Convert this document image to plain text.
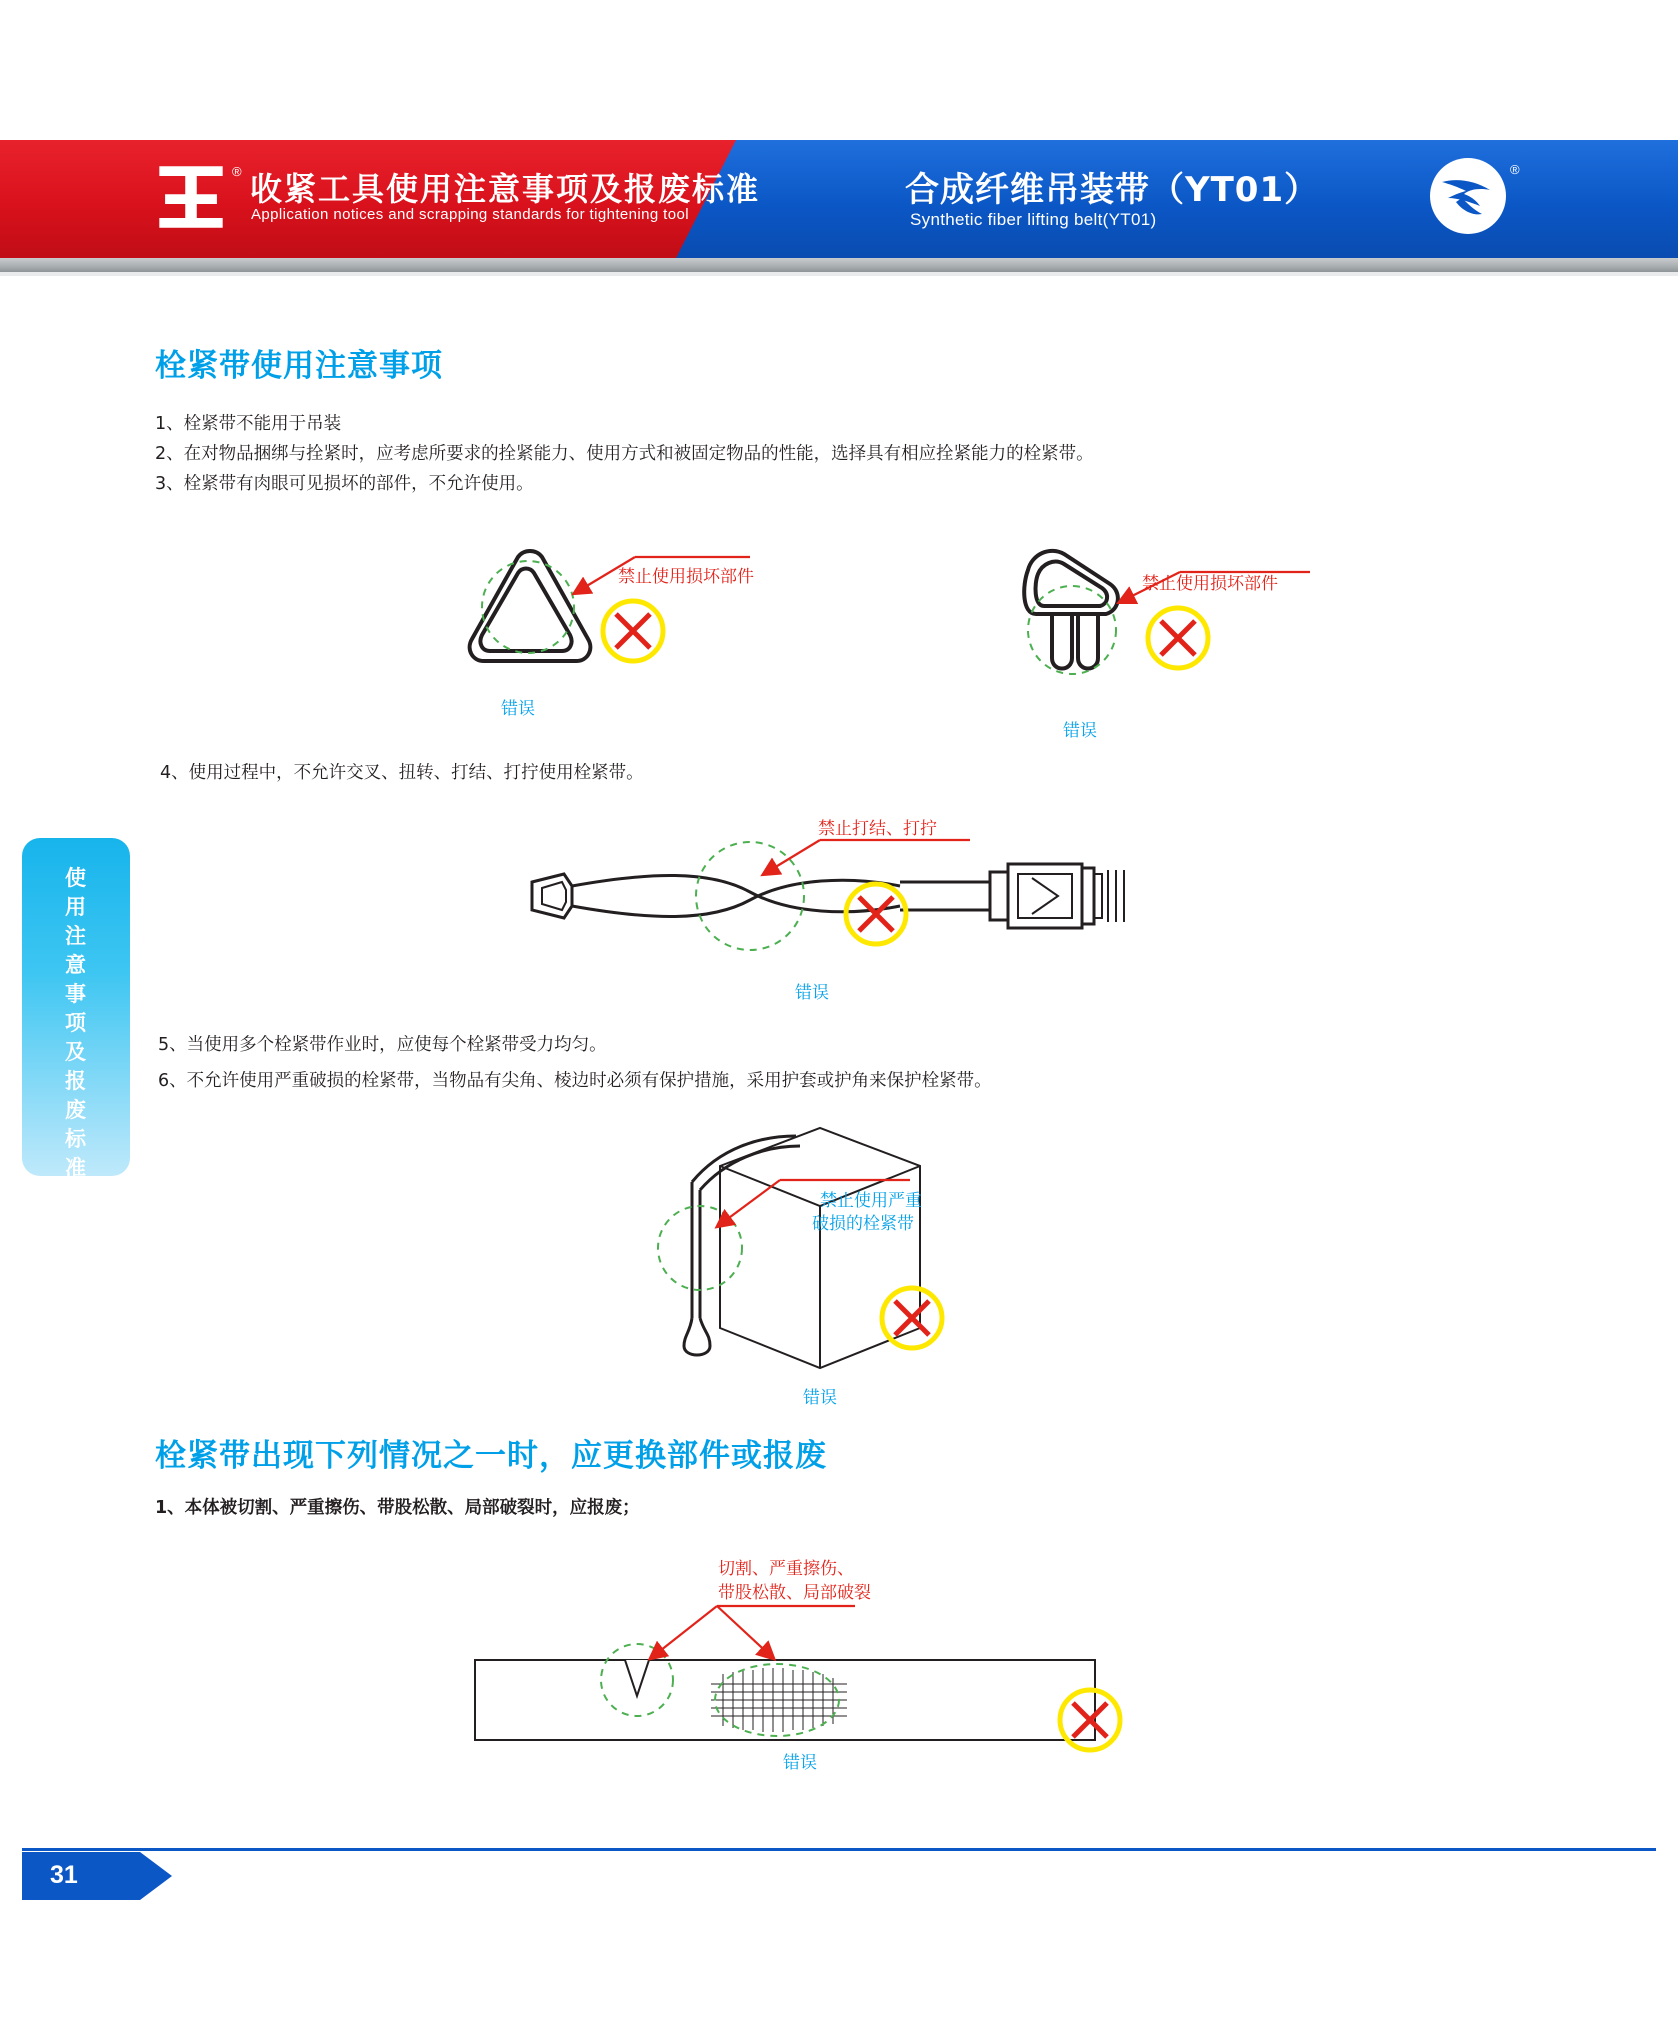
® 收紧工具使用注意事项及报废标准
Application notices and scrapping standards for tightening tool
合成纤维吊装带（YT01）
Synthetic fiber lifting belt(YT01)
®
使
用
注
意
事
项
及
报
废
标
准
栓紧带使用注意事项
1、栓紧带不能用于吊装
2、在对物品捆绑与拴紧时，应考虑所要求的拴紧能力、使用方式和被固定物品的性能，选择具有相应拴紧能力的栓紧带。
3、栓紧带有肉眼可见损坏的部件，不允许使用。
禁止使用损坏部件
错误
禁止使用损坏部件
错误
4、使用过程中，不允许交叉、扭转、打结、打拧使用栓紧带。
禁止打结、打拧
错误
5、当使用多个栓紧带作业时，应使每个栓紧带受力均匀。
6、不允许使用严重破损的栓紧带，当物品有尖角、棱边时必须有保护措施，采用护套或护角来保护栓紧带。
禁止使用严重
破损的栓紧带
错误
栓紧带出现下列情况之一时，应更换部件或报废
1、本体被切割、严重擦伤、带股松散、局部破裂时，应报废；
切割、严重擦伤、
带股松散、局部破裂
错误
31
